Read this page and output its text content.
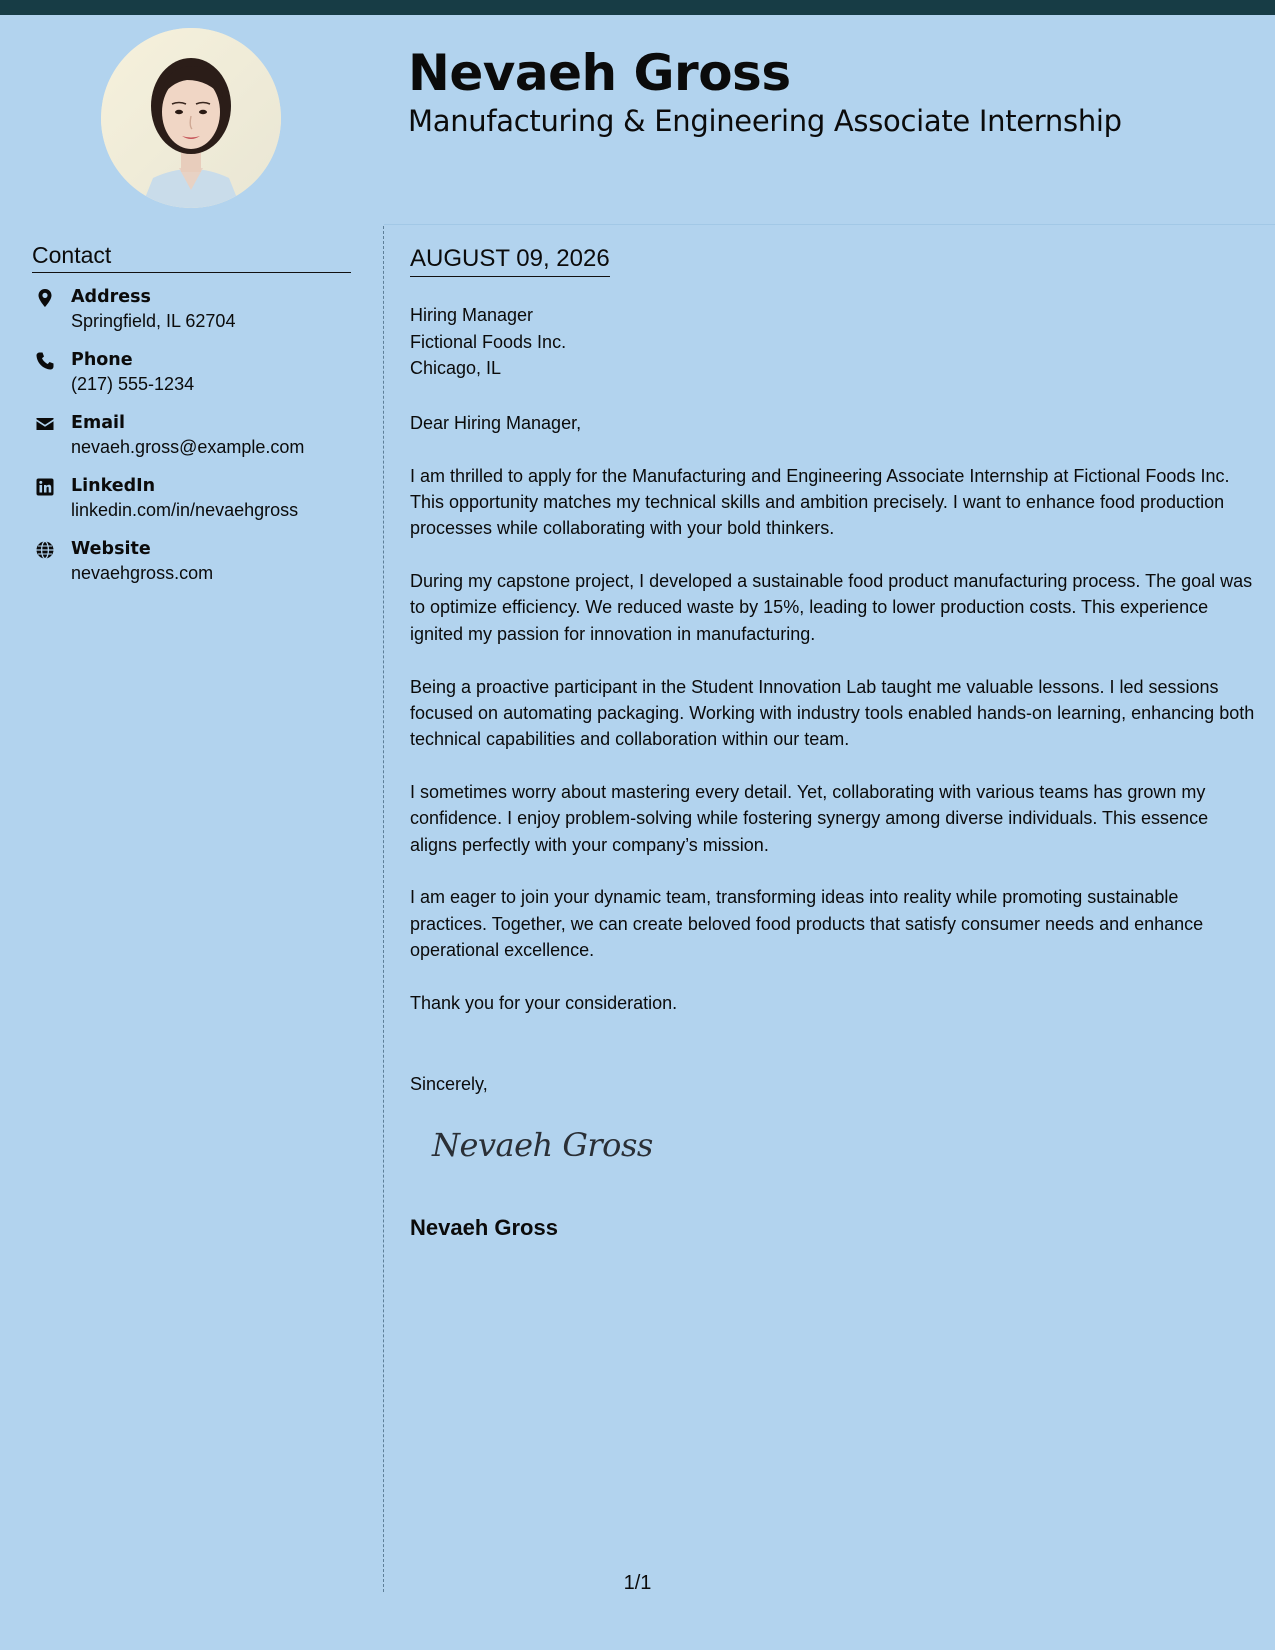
Nevaeh Gross
Manufacturing & Engineering Associate Internship
Contact
Address
Springfield, IL 62704
Phone
(217) 555-1234
Email
nevaeh.gross@example.com
LinkedIn
linkedin.com/in/nevaehgross
Website
nevaehgross.com
AUGUST 09, 2026
Hiring Manager
Fictional Foods Inc.
Chicago, IL

Dear Hiring Manager,

I am thrilled to apply for the Manufacturing and Engineering Associate Internship at Fictional Foods Inc. This opportunity matches my technical skills and ambition precisely. I want to enhance food production processes while collaborating with your bold thinkers.

During my capstone project, I developed a sustainable food product manufacturing process. The goal was to optimize efficiency. We reduced waste by 15%, leading to lower production costs. This experience ignited my passion for innovation in manufacturing.

Being a proactive participant in the Student Innovation Lab taught me valuable lessons. I led sessions focused on automating packaging. Working with industry tools enabled hands-on learning, enhancing both technical capabilities and collaboration within our team.

I sometimes worry about mastering every detail. Yet, collaborating with various teams has grown my confidence. I enjoy problem-solving while fostering synergy among diverse individuals. This essence aligns perfectly with your company’s mission.

I am eager to join your dynamic team, transforming ideas into reality while promoting sustainable practices. Together, we can create beloved food products that satisfy consumer needs and enhance operational excellence.

Thank you for your consideration.

Sincerely,
Nevaeh Gross
Nevaeh Gross
1/1
